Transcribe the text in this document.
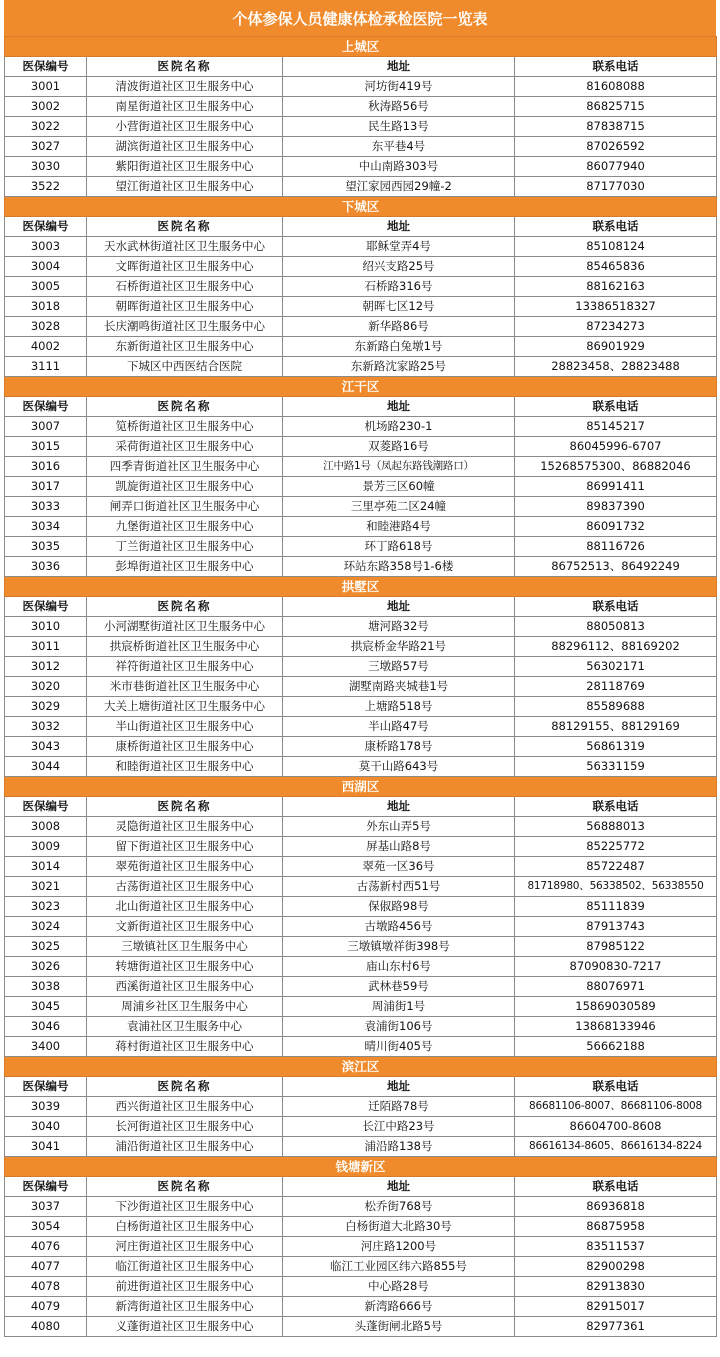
个体参保人员健康体检承检医院一览表
上城区			
医保编号	医院名称	地址	联系电话
3001	清波街道社区卫生服务中心	河坊街419号	81608088
3002	南星街道社区卫生服务中心	秋涛路56号	86825715
3022	小营街道社区卫生服务中心	民生路13号	87838715
3027	湖滨街道社区卫生服务中心	东平巷4号	87026592
3030	紫阳街道社区卫生服务中心	中山南路303号	86077940
3522	望江街道社区卫生服务中心	望江家园西园29幢-2	87177030
下城区			
医保编号	医院名称	地址	联系电话
3003	天水武林街道社区卫生服务中心	耶稣堂弄4号	85108124
3004	文晖街道社区卫生服务中心	绍兴支路25号	85465836
3005	石桥街道社区卫生服务中心	石桥路316号	88162163
3018	朝晖街道社区卫生服务中心	朝晖七区12号	13386518327
3028	长庆潮鸣街道社区卫生服务中心	新华路86号	87234273
4002	东新街道社区卫生服务中心	东新路白兔墩1号	86901929
3111	下城区中西医结合医院	东新路沈家路25号	28823458、28823488
江干区			
医保编号	医院名称	地址	联系电话
3007	笕桥街道社区卫生服务中心	机场路230-1	85145217
3015	采荷街道社区卫生服务中心	双菱路16号	86045996-6707
3016	四季青街道社区卫生服务中心	江中路1号（凤起东路钱潮路口）	15268575300、86882046
3017	凯旋街道社区卫生服务中心	景芳三区60幢	86991411
3033	闸弄口街道社区卫生服务中心	三里亭苑二区24幢	89837390
3034	九堡街道社区卫生服务中心	和睦港路4号	86091732
3035	丁兰街道社区卫生服务中心	环丁路618号	88116726
3036	彭埠街道社区卫生服务中心	环站东路358号1-6楼	86752513、86492249
拱墅区			
医保编号	医院名称	地址	联系电话
3010	小河湖墅街道社区卫生服务中心	塘河路32号	88050813
3011	拱宸桥街道社区卫生服务中心	拱宸桥金华路21号	88296112、88169202
3012	祥符街道社区卫生服务中心	三墩路57号	56302171
3020	米市巷街道社区卫生服务中心	湖墅南路夹城巷1号	28118769
3029	大关上塘街道社区卫生服务中心	上塘路518号	85589688
3032	半山街道社区卫生服务中心	半山路47号	88129155、88129169
3043	康桥街道社区卫生服务中心	康桥路178号	56861319
3044	和睦街道社区卫生服务中心	莫干山路643号	56331159
西湖区			
医保编号	医院名称	地址	联系电话
3008	灵隐街道社区卫生服务中心	外东山弄5号	56888013
3009	留下街道社区卫生服务中心	屏基山路8号	85225772
3014	翠苑街道社区卫生服务中心	翠苑一区36号	85722487
3021	古荡街道社区卫生服务中心	古荡新村西51号	81718980、56338502、56338550
3023	北山街道社区卫生服务中心	保俶路98号	85111839
3024	文新街道社区卫生服务中心	古墩路456号	87913743
3025	三墩镇社区卫生服务中心	三墩镇墩祥街398号	87985122
3026	转塘街道社区卫生服务中心	庙山东村6号	87090830-7217
3038	西溪街道社区卫生服务中心	武林巷59号	88076971
3045	周浦乡社区卫生服务中心	周浦街1号	15869030589
3046	袁浦社区卫生服务中心	袁浦街106号	13868133946
3400	蒋村街道社区卫生服务中心	晴川街405号	56662188
滨江区			
医保编号	医院名称	地址	联系电话
3039	西兴街道社区卫生服务中心	迁陌路78号	86681106-8007、86681106-8008
3040	长河街道社区卫生服务中心	长江中路23号	86604700-8608
3041	浦沿街道社区卫生服务中心	浦沿路138号	86616134-8605、86616134-8224
钱塘新区			
医保编号	医院名称	地址	联系电话
3037	下沙街道社区卫生服务中心	松乔街768号	86936818
3054	白杨街道社区卫生服务中心	白杨街道大北路30号	86875958
4076	河庄街道社区卫生服务中心	河庄路1200号	83511537
4077	临江街道社区卫生服务中心	临江工业园区纬六路855号	82900298
4078	前进街道社区卫生服务中心	中心路28号	82913830
4079	新湾街道社区卫生服务中心	新湾路666号	82915017
4080	义蓬街道社区卫生服务中心	头蓬街闸北路5号	82977361
